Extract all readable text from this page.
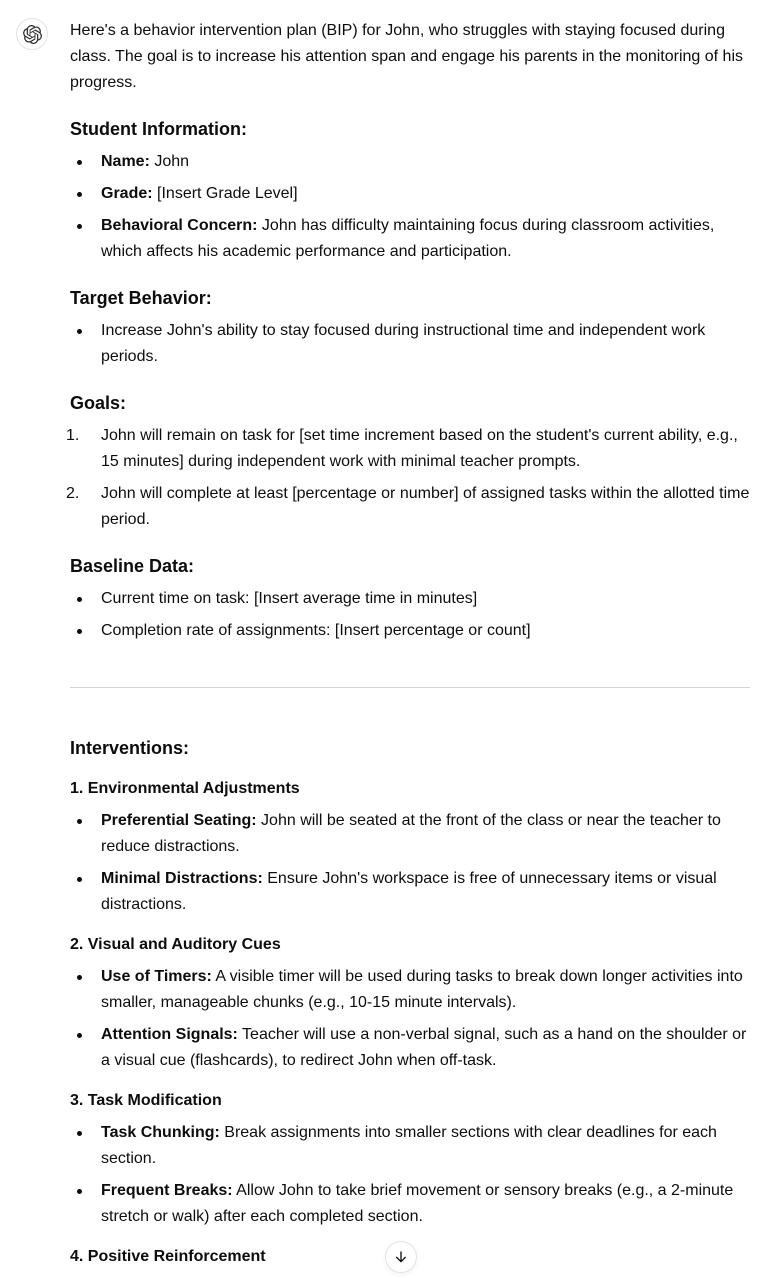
Here's a behavior intervention plan (BIP) for John, who struggles with staying focused during class. The goal is to increase his attention span and engage his parents in the monitoring of his progress.

Student Information:
Name: John
Grade: [Insert Grade Level]
Behavioral Concern: John has difficulty maintaining focus during classroom activities, which affects his academic performance and participation.
Target Behavior:
Increase John's ability to stay focused during instructional time and independent work periods.
Goals:
John will remain on task for [set time increment based on the student's current ability, e.g., 15 minutes] during independent work with minimal teacher prompts.
John will complete at least [percentage or number] of assigned tasks within the allotted time period.
Baseline Data:
Current time on task: [Insert average time in minutes]
Completion rate of assignments: [Insert percentage or count]
Interventions:
1. Environmental Adjustments
Preferential Seating: John will be seated at the front of the class or near the teacher to reduce distractions.
Minimal Distractions: Ensure John's workspace is free of unnecessary items or visual distractions.
2. Visual and Auditory Cues
Use of Timers: A visible timer will be used during tasks to break down longer activities into smaller, manageable chunks (e.g., 10-15 minute intervals).
Attention Signals: Teacher will use a non-verbal signal, such as a hand on the shoulder or a visual cue (flashcards), to redirect John when off-task.
3. Task Modification
Task Chunking: Break assignments into smaller sections with clear deadlines for each section.
Frequent Breaks: Allow John to take brief movement or sensory breaks (e.g., a 2-minute stretch or walk) after each completed section.
4. Positive Reinforcement
